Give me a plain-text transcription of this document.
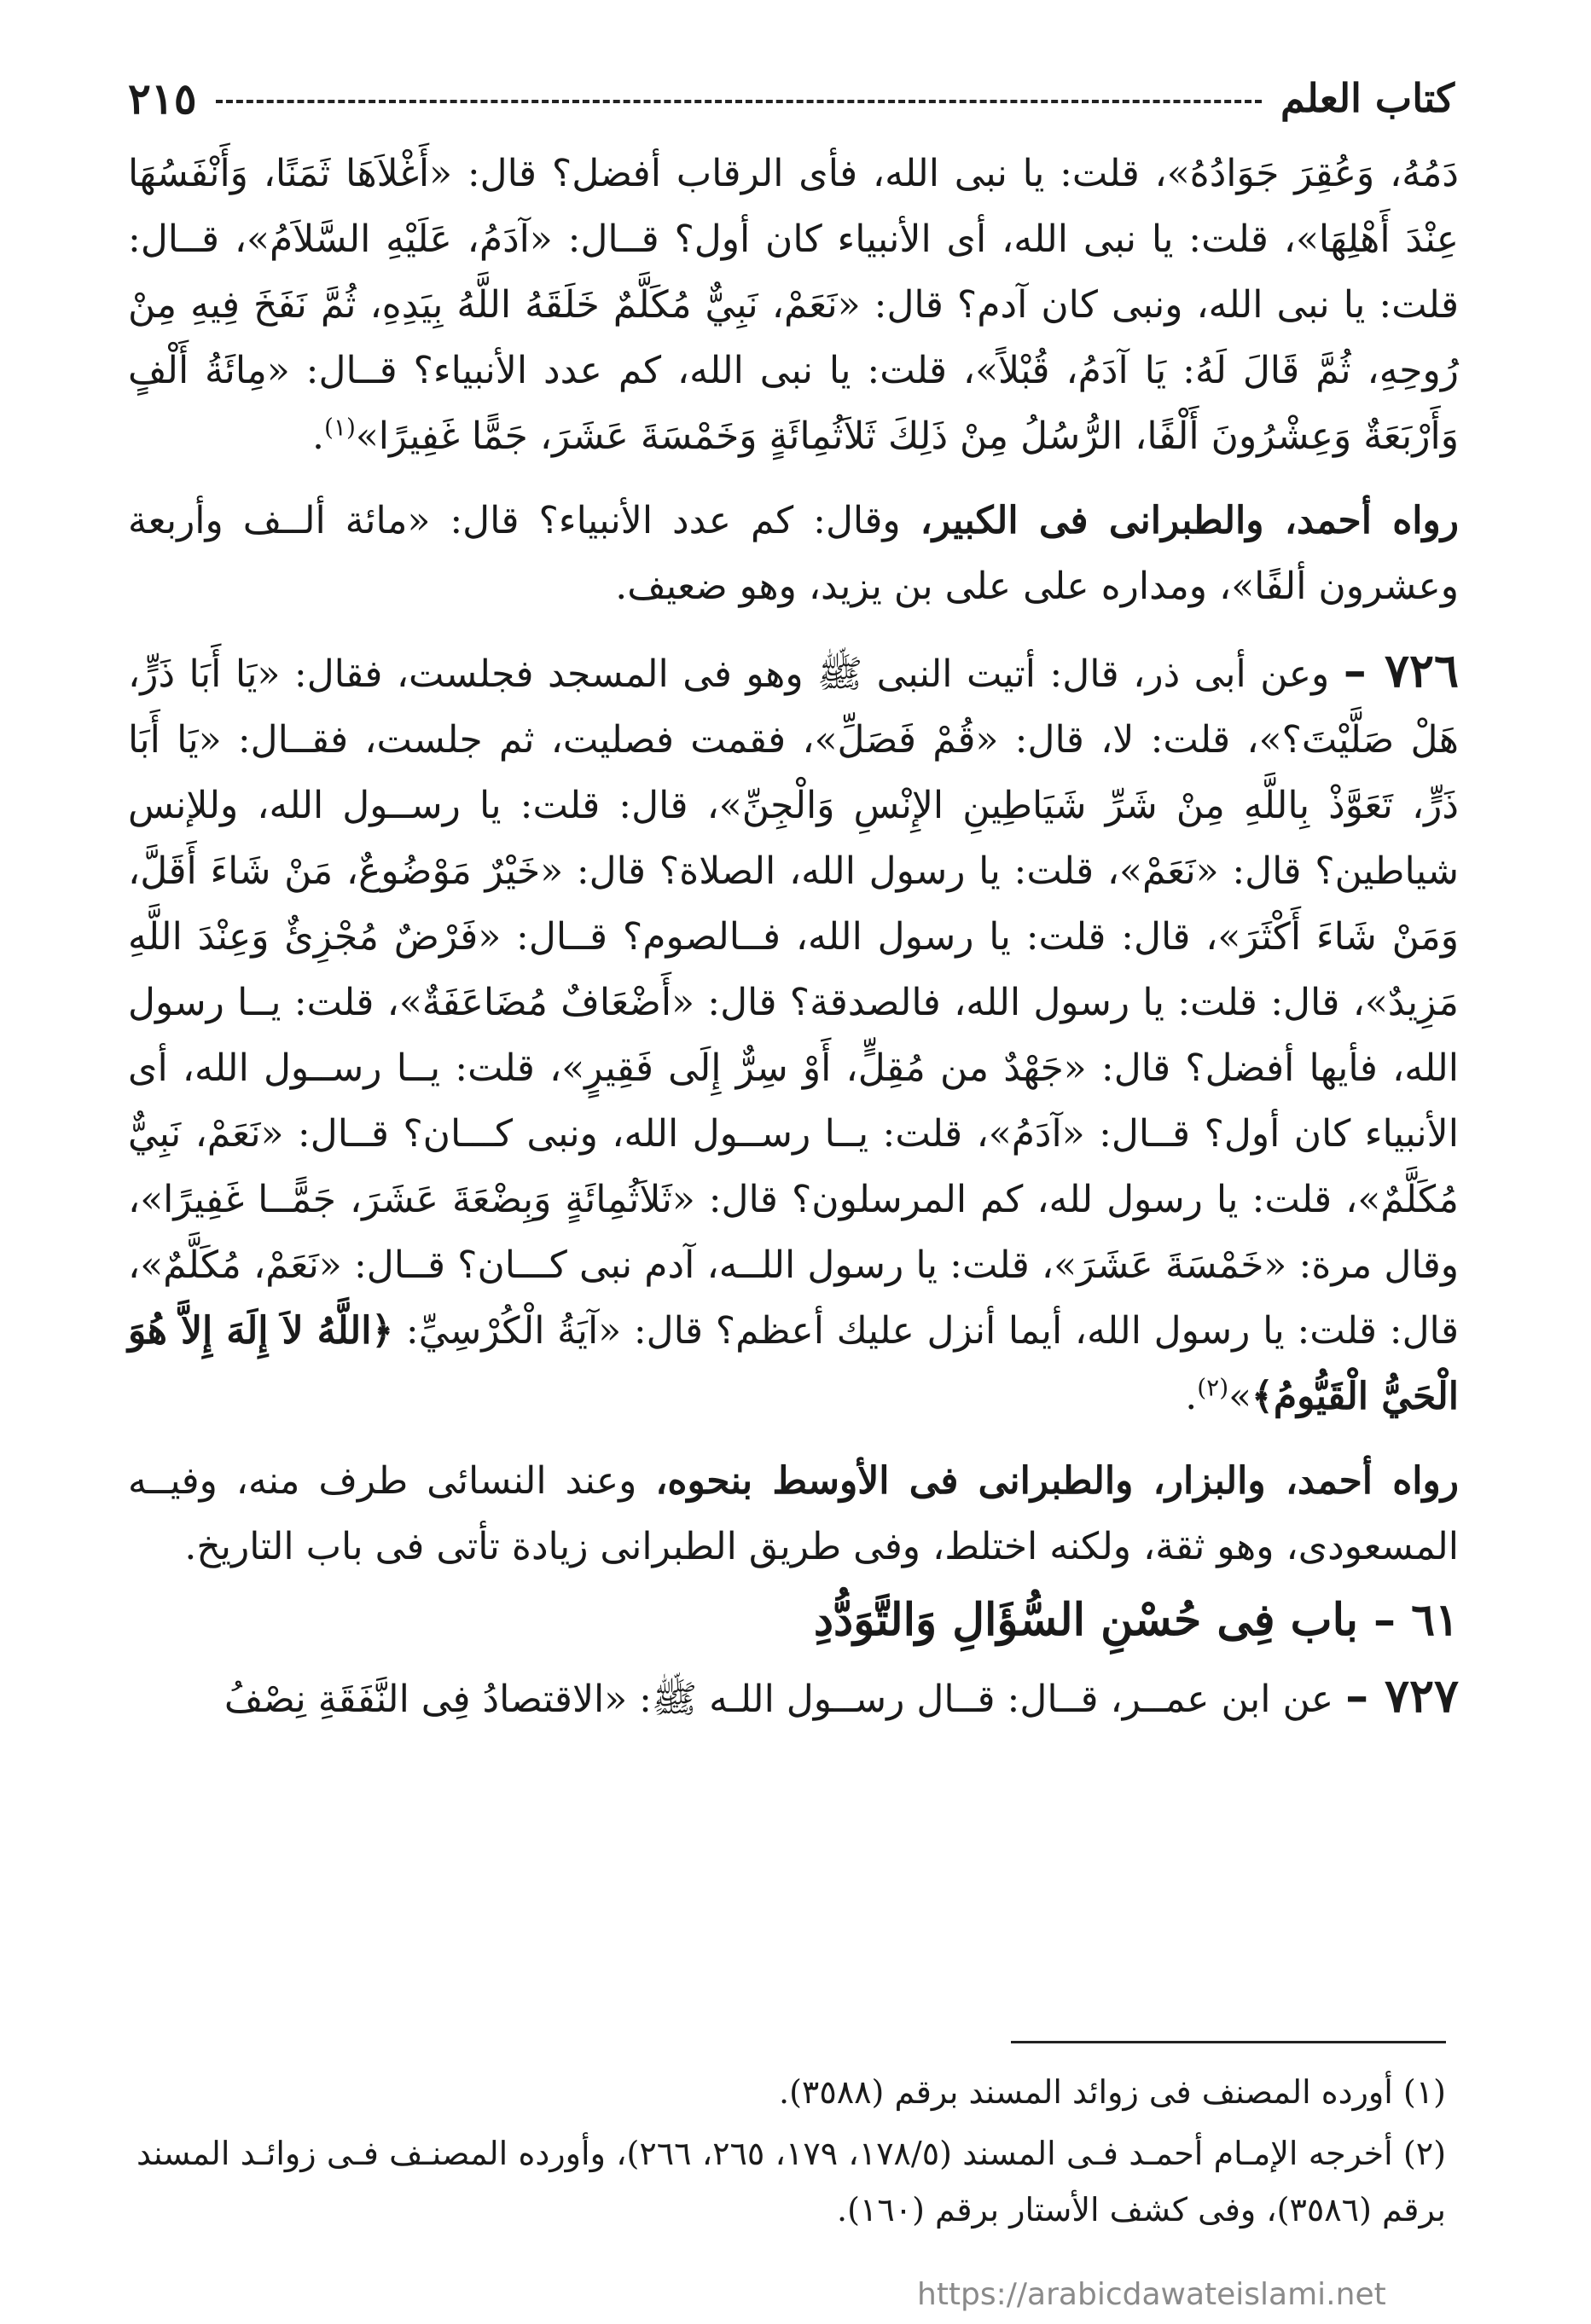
كتاب العلم
٢١٥

دَمُهُ، وَعُقِرَ جَوَادُهُ»، قلت: يا نبى الله، فأى الرقاب أفضل؟ قال: «أَغْلاَهَا ثَمَنًا، وَأَنْفَسُهَا عِنْدَ أَهْلِهَا»، قلت: يا نبى الله، أى الأنبياء كان أول؟ قــال: «آدَمُ، عَلَيْهِ السَّلاَمُ»، قــال: قلت: يا نبى الله، ونبى كان آدم؟ قال: «نَعَمْ، نَبِيٌّ مُكَلَّمٌ خَلَقَهُ اللَّهُ بِيَدِهِ، ثُمَّ نَفَخَ فِيهِ مِنْ رُوحِهِ، ثُمَّ قَالَ لَهُ: يَا آدَمُ، قُبْلاً»، قلت: يا نبى الله، كم عدد الأنبياء؟ قــال: «مِائَةُ أَلْفٍ وَأَرْبَعَةٌ وَعِشْرُونَ أَلْفًا، الرُّسُلُ مِنْ ذَلِكَ ثَلاَثُمِائَةٍ وَخَمْسَةَ عَشَرَ، جَمًّا غَفِيرًا»$^{(١)}$.

رواه أحمد، والطبرانى فى الكبير، وقال: كم عدد الأنبياء؟ قال: «مائة ألــف وأربعة وعشرون ألفًا»، ومداره على على بن يزيد، وهو ضعيف.

٧٢٦ – وعن أبى ذر، قال: أتيت النبى ﷺ وهو فى المسجد فجلست، فقال: «يَا أَبَا ذَرٍّ، هَلْ صَلَّيْتَ؟»، قلت: لا، قال: «قُمْ فَصَلِّ»، فقمت فصليت، ثم جلست، فقــال: «يَا أَبَا ذَرٍّ، تَعَوَّذْ بِاللَّهِ مِنْ شَرِّ شَيَاطِينِ الإِنْسِ وَالْجِنِّ»، قال: قلت: يا رســول الله، وللإنس شياطين؟ قال: «نَعَمْ»، قلت: يا رسول الله، الصلاة؟ قال: «خَيْرٌ مَوْضُوعٌ، مَنْ شَاءَ أَقَلَّ، وَمَنْ شَاءَ أَكْثَرَ»، قال: قلت: يا رسول الله، فــالصوم؟ قــال: «فَرْضٌ مُجْزِئٌ وَعِنْدَ اللَّهِ مَزِيدٌ»، قال: قلت: يا رسول الله، فالصدقة؟ قال: «أَضْعَافٌ مُضَاعَفَةٌ»، قلت: يــا رسول الله، فأيها أفضل؟ قال: «جَهْدٌ من مُقِلٍّ، أَوْ سِرٌّ إِلَى فَقِيرٍ»، قلت: يــا رســول الله، أى الأنبياء كان أول؟ قــال: «آدَمُ»، قلت: يــا رســول الله، ونبى كـــان؟ قــال: «نَعَمْ، نَبِيٌّ مُكَلَّمٌ»، قلت: يا رسول لله، كم المرسلون؟ قال: «ثَلاَثُمِائَةٍ وَبِضْعَةَ عَشَرَ، جَمًّــا غَفِيرًا»، وقال مرة: «خَمْسَةَ عَشَرَ»، قلت: يا رسول اللــه، آدم نبى كـــان؟ قــال: «نَعَمْ، مُكَلَّمٌ»، قال: قلت: يا رسول الله، أيما أنزل عليك أعظم؟ قال: «آيَةُ الْكُرْسِيِّ: ﴿اللَّهُ لاَ إِلَهَ إِلاَّ هُوَ الْحَيُّ الْقَيُّومُ﴾»$^{(٢)}$.

رواه أحمد، والبزار، والطبرانى فى الأوسط بنحوه، وعند النسائى طرف منه، وفيــه المسعودى، وهو ثقة، ولكنه اختلط، وفى طريق الطبرانى زيادة تأتى فى باب التاريخ.

٦١ – باب فِى حُسْنِ السُّؤَالِ وَالتَّوَدُّدِ

٧٢٧ – عن ابن عمــر، قــال: قــال رســول اللـه ﷺ: «الاقتصادُ فِى النَّفَقَةِ نِصْفُ

(١) أورده المصنف فى زوائد المسند برقم (٣٥٨٨).

(٢) أخرجه الإمـام أحمـد فـى المسند (١٧٨/٥، ١٧٩، ٢٦٥، ٢٦٦)، وأورده المصنـف فـى زوائـد المسند برقم (٣٥٨٦)، وفى كشف الأستار برقم (١٦٠).

https://arabicdawateislami.net
